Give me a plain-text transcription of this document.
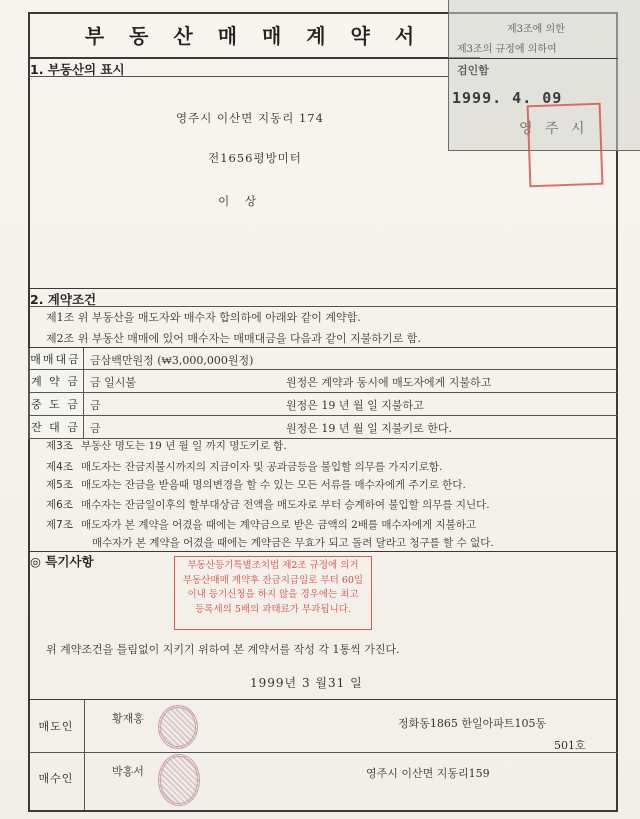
부 동 산 매 매 계 약 서	제3조에 의한
제3조의 규정에 의하여
검인함
영 주 시
1999. 4. 09
1. 부동산의 표시
영주시 이산면 지동리 174
전1656평방미터
이 상
2. 계약조건
제1조 위 부동산을 매도자와 매수자 합의하에 아래와 같이 계약함.
제2조 위 부동산 매매에 있어 매수자는 매매대금을 다음과 같이 지불하기로 함.
매매대금 금삼백만원정 (₩3,000,000원정)
계 약 금 금 일시불	원정은 계약과 동시에 매도자에게 지불하고
중 도 금 금	원정은 19 년 월 일 지불하고
잔 대 금 금	원정은 19 년 월 일 지불키로 한다.
제3조 부동산 명도는 19 년 월 일 까지 명도키로 함.
제4조 매도자는 잔금지불시까지의 지금이자 및 공과금등을 불입할 의무를 가지기로함.
제5조 매도자는 잔금을 받음때 명의변경을 할 수 있는 모든 서류를 매수자에게 주기로 한다.
제6조 매수자는 잔금일이후의 할부대상금 전액을 매도자로 부터 승계하여 불입할 의무를 지닌다.
제7조 매도자가 본 계약을 어겼을 때에는 계약금으로 받은 금액의 2배를 매수자에게 지불하고
매수자가 본 계약을 어겼을 때에는 계약금은 무효가 되고 돌려 달라고 청구를 할 수 없다.
◎ 특기사항	부동산등기특별조치법 제2조 규정에 의거
부동산매매 계약후 잔금지급일로 부터 60일
이내 등기신청을 하지 않을 경우에는 최고
등록세의 5배의 과태료가 부과됩니다.
위 계약조건을 틀림없이 지키기 위하여 본 계약서를 작성 각 1통씩 가진다.
1999년 3 월31 일
매도인
황재홍	정화동1865 한일아파트105동
501호
매수인
박홍서	영주시 이산면 지동리159
